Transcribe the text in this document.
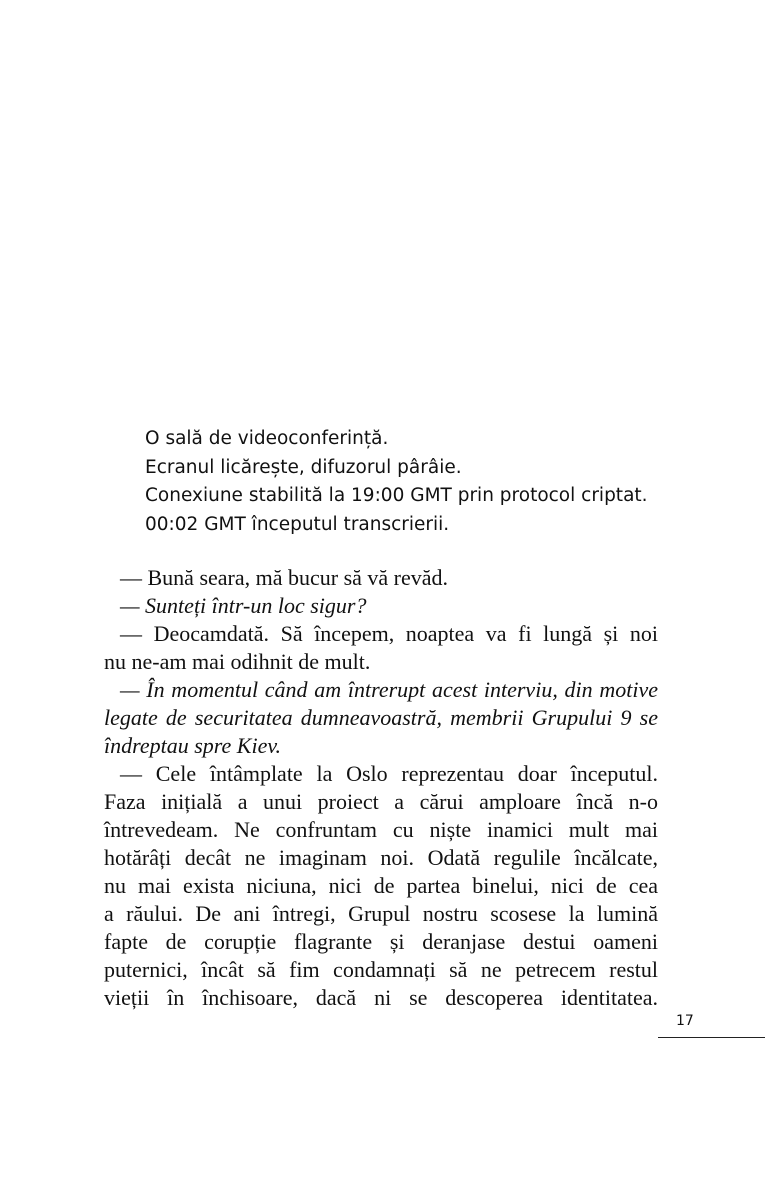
O sală de videoconferință.
Ecranul licărește, difuzorul pârâie.
Conexiune stabilită la 19:00 GMT prin protocol criptat.
00:02 GMT începutul transcrierii.
— Bună seara, mă bucur să vă revăd.
— Sunteți într-un loc sigur?
— Deocamdată. Să începem, noaptea va fi lungă și noi
nu ne-am mai odihnit de mult.
— În momentul când am întrerupt acest interviu, din motive
legate de securitatea dumneavoastră, membrii Grupului 9 se
îndreptau spre Kiev.
— Cele întâmplate la Oslo reprezentau doar începutul.
Faza inițială a unui proiect a cărui amploare încă n-o
întrevedeam. Ne confruntam cu niște inamici mult mai
hotărâți decât ne imaginam noi. Odată regulile încălcate,
nu mai exista niciuna, nici de partea binelui, nici de cea
a răului. De ani întregi, Grupul nostru scosese la lumină
fapte de corupție flagrante și deranjase destui oameni
puternici, încât să fim condamnați să ne petrecem restul
vieții în închisoare, dacă ni se descoperea identitatea.
17
